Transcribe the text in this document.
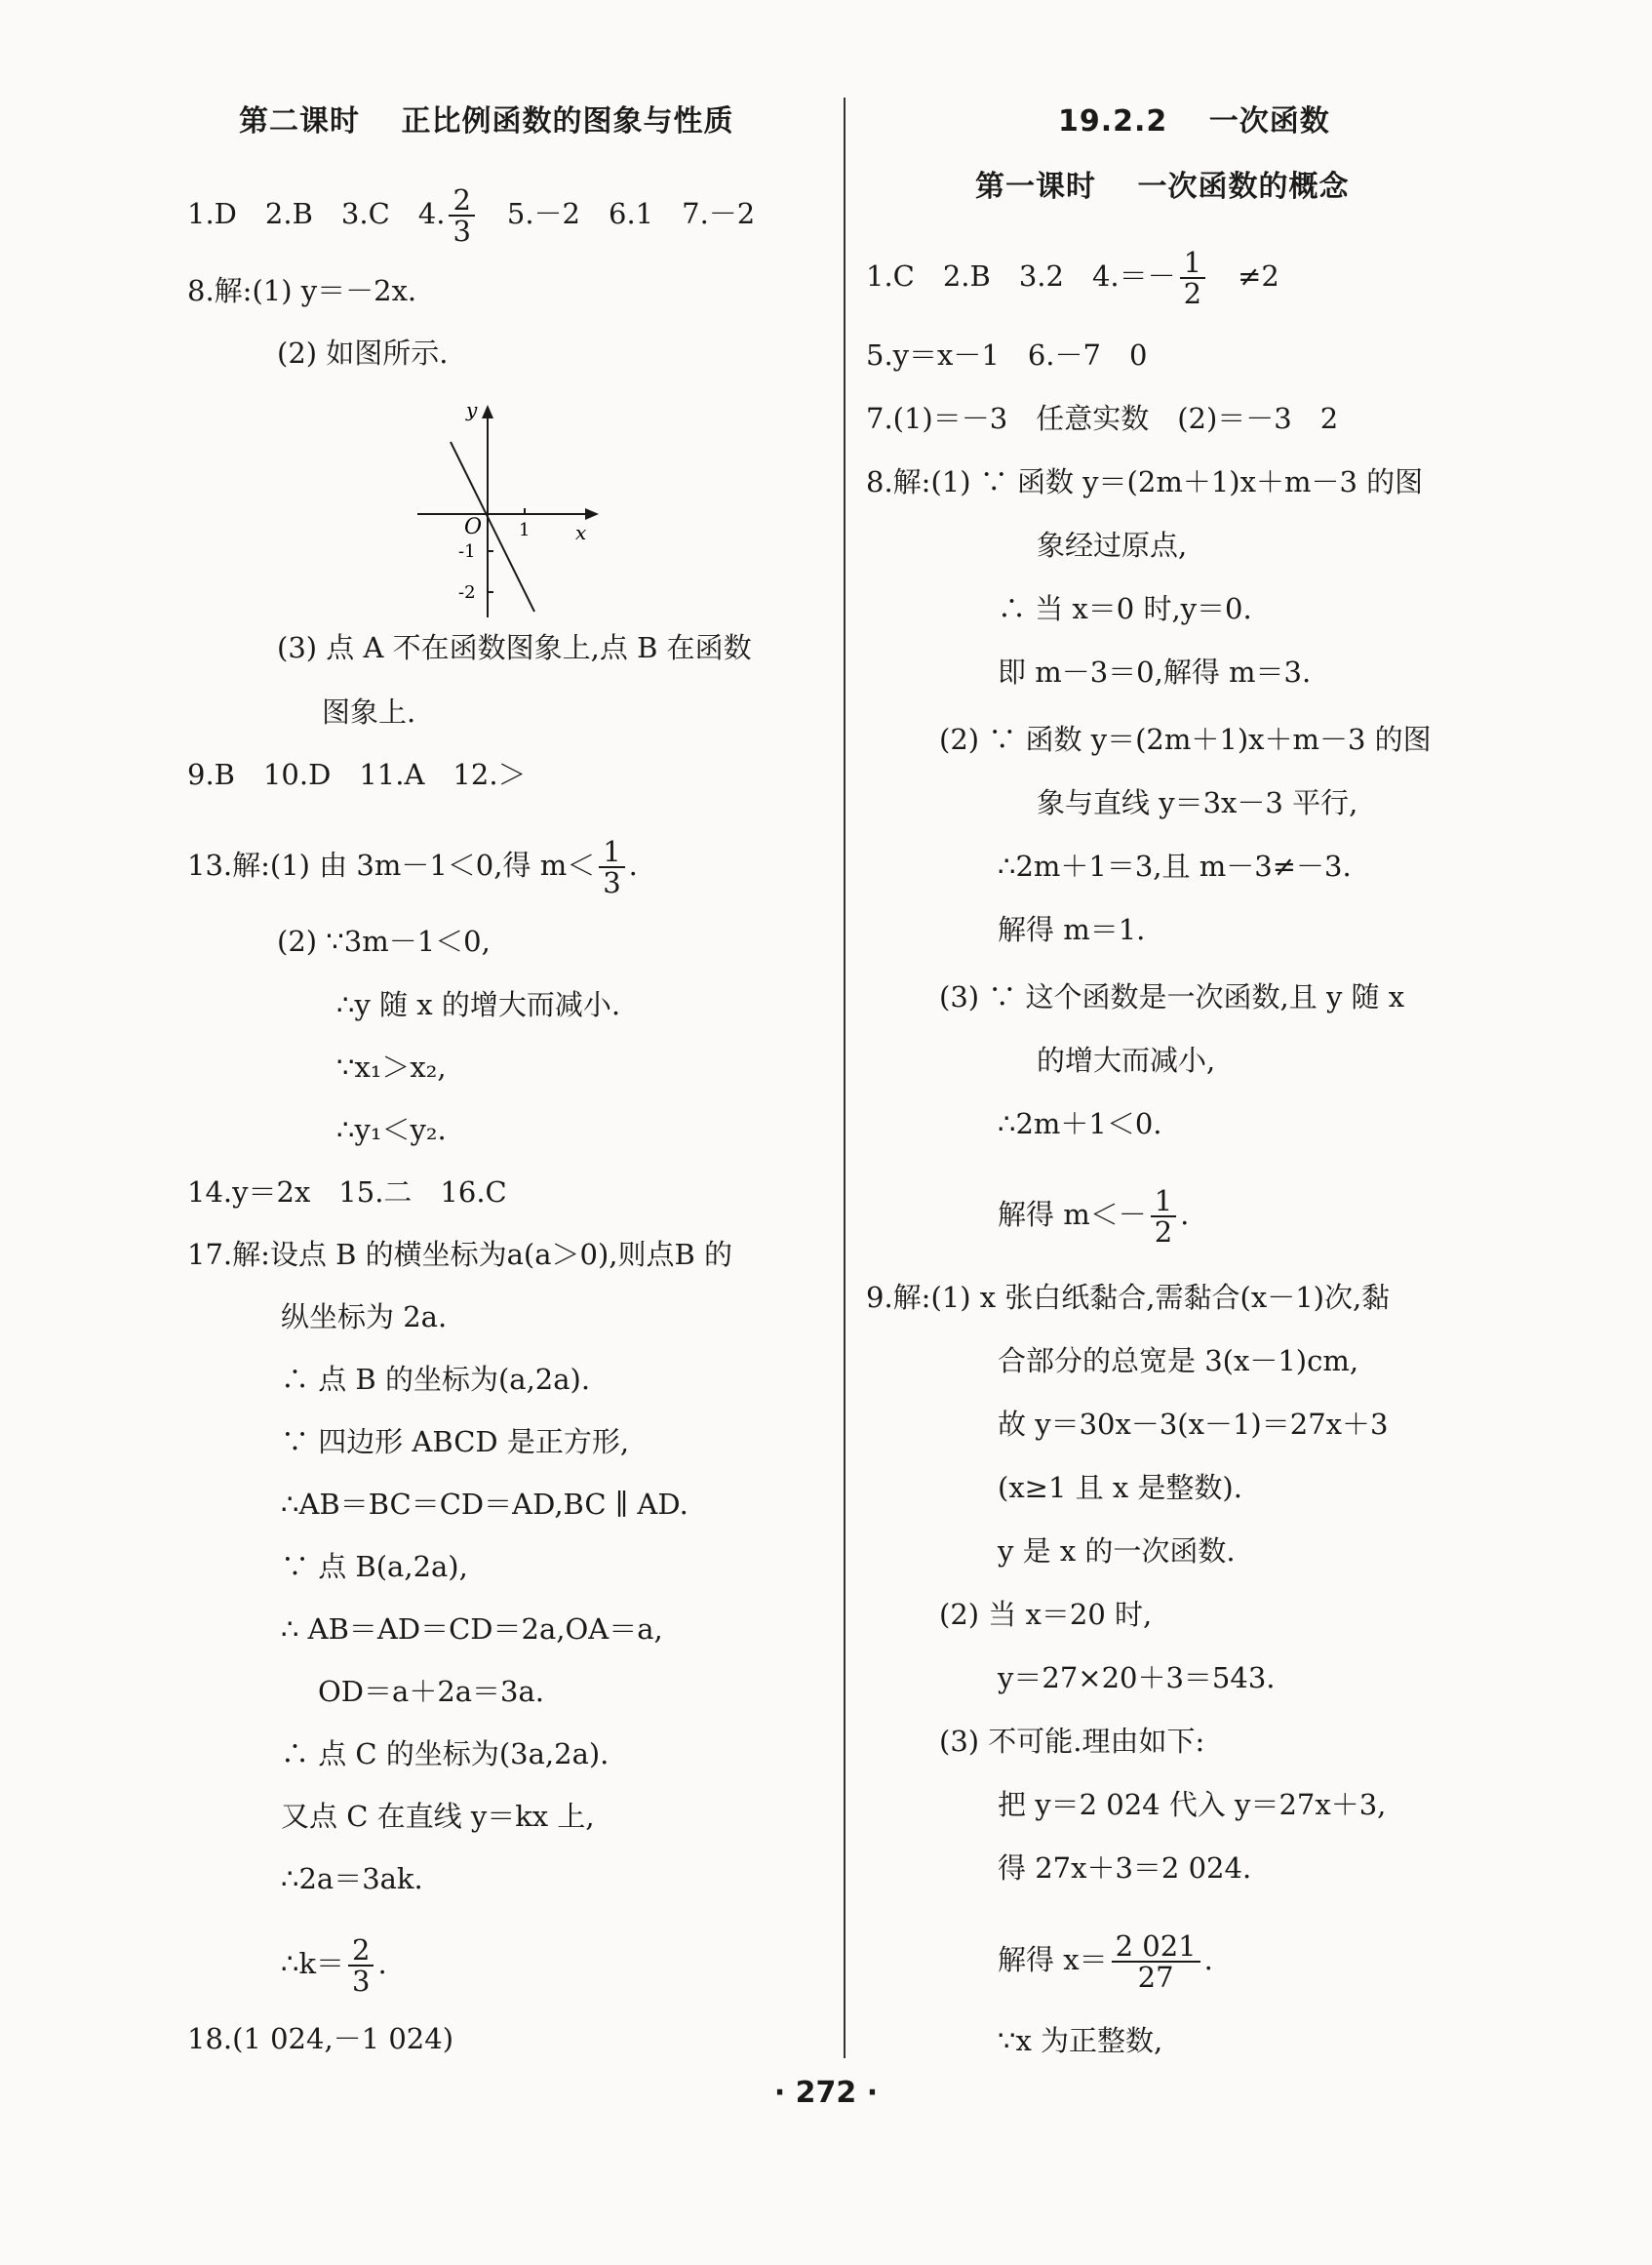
第二课时　 正比例函数的图象与性质
1.D　2.B　3.C　4. $\frac{2}{3}$ 　5.－2　6.1　7.－2
8.解:(1) y＝－2x.
(2) 如图所示.
y
x
O 1
-1
-2
(3) 点 A 不在函数图象上,点 B 在函数
图象上.
9.B　10.D　11.A　12.＞
13.解:(1) 由 3m－1＜0,得 $m< \frac{1}{3}$ .
(2) ∵3m－1＜0,
∴y 随 x 的增大而减小.
∵x₁＞x₂,
∴y₁＜y₂.
14.y＝2x　15.二　16.C
17.解:设点 B 的横坐标为a(a＞0),则点B 的
纵坐标为 2a.
∴ 点 B 的坐标为(a,2a).
∵ 四边形 ABCD 是正方形,
∴AB＝BC＝CD＝AD,BC ∥ AD.
∵ 点 B(a,2a),
∴ AB＝AD＝CD＝2a,OA＝a,
OD＝a＋2a＝3a.
∴ 点 C 的坐标为(3a,2a).
又点 C 在直线 y＝kx 上,
∴2a＝3ak.
∴k＝ $\frac{2}{3}$ .
18.(1 024,－1 024)
19.2.2　 一次函数
第一课时　 一次函数的概念
1.C　2.B　3.2　$4.=- \frac{1}{2}$ 　≠2
5.y＝x－1　6.－7　0
7.(1)＝－3　任意实数　(2)＝－3　2
8.解:(1) ∵ 函数 y＝(2m＋1)x＋m－3 的图
象经过原点,
∴ 当 x＝0 时,y＝0.
即 m－3＝0,解得 m＝3.
(2) ∵ 函数 y＝(2m＋1)x＋m－3 的图
象与直线 y＝3x－3 平行,
∴2m＋1＝3,且 m－3≠－3.
解得 m＝1.
(3) ∵ 这个函数是一次函数,且 y 随 x
的增大而减小,
∴2m＋1＜0.
解得 $m<- \frac{1}{2}$ .
9.解:(1) x 张白纸黏合,需黏合(x－1)次,黏
合部分的总宽是 3(x－1)cm,
故 y＝30x－3(x－1)＝27x＋3
(x≥1 且 x 是整数).
y 是 x 的一次函数.
(2) 当 x＝20 时,
y＝27×20＋3＝543.
(3) 不可能.理由如下:
把 y＝2 024 代入 y＝27x＋3,
得 27x＋3＝2 024.
解得 $x= \frac{2 021}{27}$ .
∵x 为正整数,
· 272 ·
